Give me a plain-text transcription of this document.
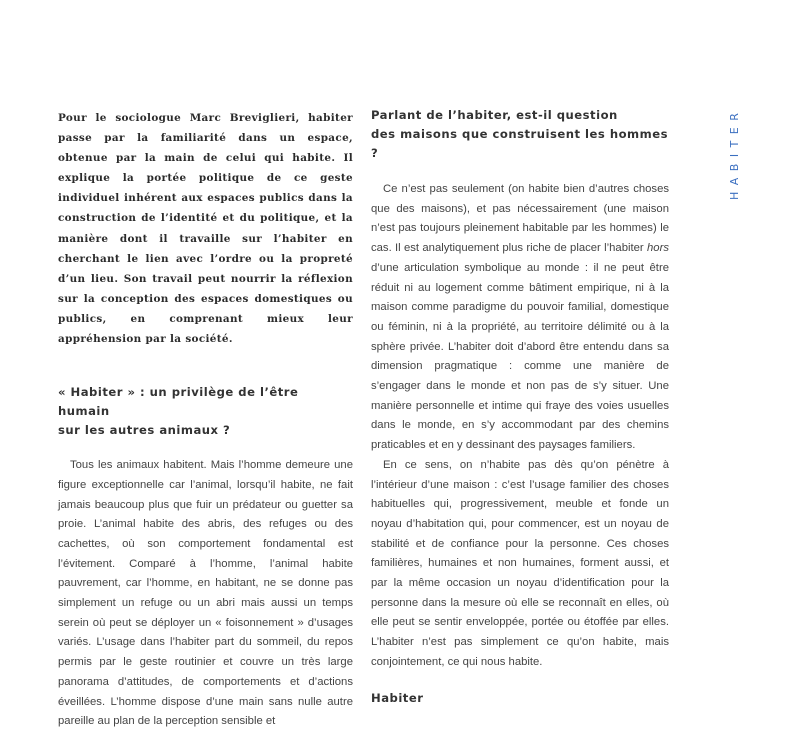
Pour le sociologue Marc Breviglieri, habiter passe par la familiarité dans un espace, obtenue par la main de celui qui habite. Il explique la portée politique de ce geste individuel inhérent aux espaces publics dans la construction de l’identité et du politique, et la manière dont il travaille sur l’habiter en cherchant le lien avec l’ordre ou la propreté d’un lieu. Son travail peut nourrir la réflexion sur la conception des espaces domestiques ou publics, en comprenant mieux leur appréhension par la société.

« Habiter » : un privilège de l’être humain
sur les autres animaux ?

Tous les animaux habitent. Mais l’homme demeure une figure exceptionnelle car l’animal, lorsqu’il habite, ne fait jamais beaucoup plus que fuir un prédateur ou guetter sa proie. L’animal habite des abris, des refuges ou des cachettes, où son comportement fondamental est l’évitement. Comparé à l’homme, l’animal habite pauvrement, car l’homme, en habitant, ne se donne pas simplement un refuge ou un abri mais aussi un temps serein où peut se déployer un « foisonnement » d’usages variés. L’usage dans l’habiter part du sommeil, du repos permis par le geste routinier et couvre un très large panorama d’attitudes, de comportements et d’actions éveillées. L’homme dispose d’une main sans nulle autre pareille au plan de la perception sensible et

Parlant de l’habiter, est-il question
des maisons que construisent les hommes ?

Ce n’est pas seulement (on habite bien d’autres choses que des maisons), et pas nécessairement (une maison n’est pas toujours pleinement habitable par les hommes) le cas. Il est analytiquement plus riche de placer l’habiter hors d’une articulation symbolique au monde : il ne peut être réduit ni au logement comme bâtiment empirique, ni à la maison comme paradigme du pouvoir familial, domestique ou féminin, ni à la propriété, au territoire délimité ou à la sphère privée. L’habiter doit d’abord être entendu dans sa dimension pragmatique : comme une manière de s’engager dans le monde et non pas de s’y situer. Une manière personnelle et intime qui fraye des voies usuelles dans le monde, en s’y accommodant par des chemins praticables et en y dessinant des paysages familiers.

En ce sens, on n’habite pas dès qu’on pénètre à l’intérieur d’une maison : c’est l’usage familier des choses habituelles qui, progressivement, meuble et fonde un noyau d’habitation qui, pour commencer, est un noyau de stabilité et de confiance pour la personne. Ces choses familières, humaines et non humaines, forment aussi, et par la même occasion un noyau d’identification pour la personne dans la mesure où elle se reconnaît en elles, où elle peut se sentir enveloppée, portée ou étoffée par elles. L’habiter n’est pas simplement ce qu’on habite, mais conjointement, ce qui nous habite.

Habiter
HABITER
